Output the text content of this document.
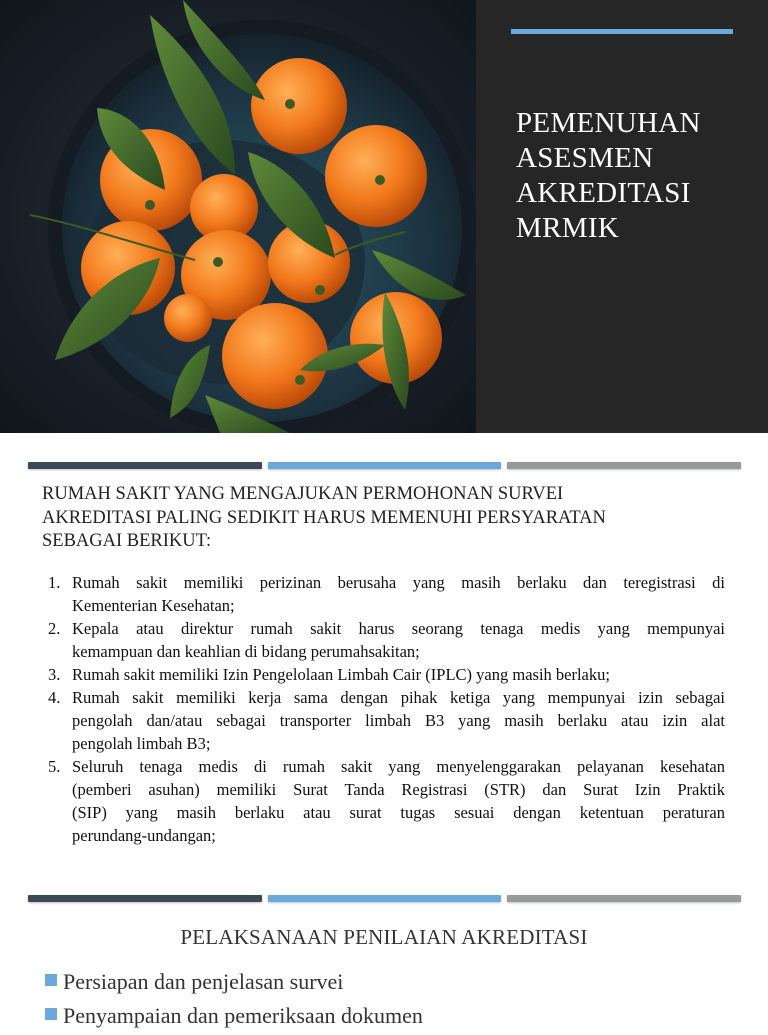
PEMENUHAN
ASESMEN
AKREDITASI
MRMIK
RUMAH SAKIT YANG MENGAJUKAN PERMOHONAN SURVEI
AKREDITASI PALING SEDIKIT HARUS MEMENUHI PERSYARATAN
SEBAGAI BERIKUT:
1. Rumah sakit memiliki perizinan berusaha yang masih berlaku dan teregistrasi di
Kementerian Kesehatan;
2. Kepala atau direktur rumah sakit harus seorang tenaga medis yang mempunyai
kemampuan dan keahlian di bidang perumahsakitan;
3. Rumah sakit memiliki Izin Pengelolaan Limbah Cair (IPLC) yang masih berlaku;
4. Rumah sakit memiliki kerja sama dengan pihak ketiga yang mempunyai izin sebagai
pengolah dan/atau sebagai transporter limbah B3 yang masih berlaku atau izin alat
pengolah limbah B3;
5. Seluruh tenaga medis di rumah sakit yang menyelenggarakan pelayanan kesehatan
(pemberi asuhan) memiliki Surat Tanda Registrasi (STR) dan Surat Izin Praktik
(SIP) yang masih berlaku atau surat tugas sesuai dengan ketentuan peraturan
perundang-undangan;
PELAKSANAAN PENILAIAN AKREDITASI
Persiapan dan penjelasan survei
Penyampaian dan pemeriksaan dokumen
